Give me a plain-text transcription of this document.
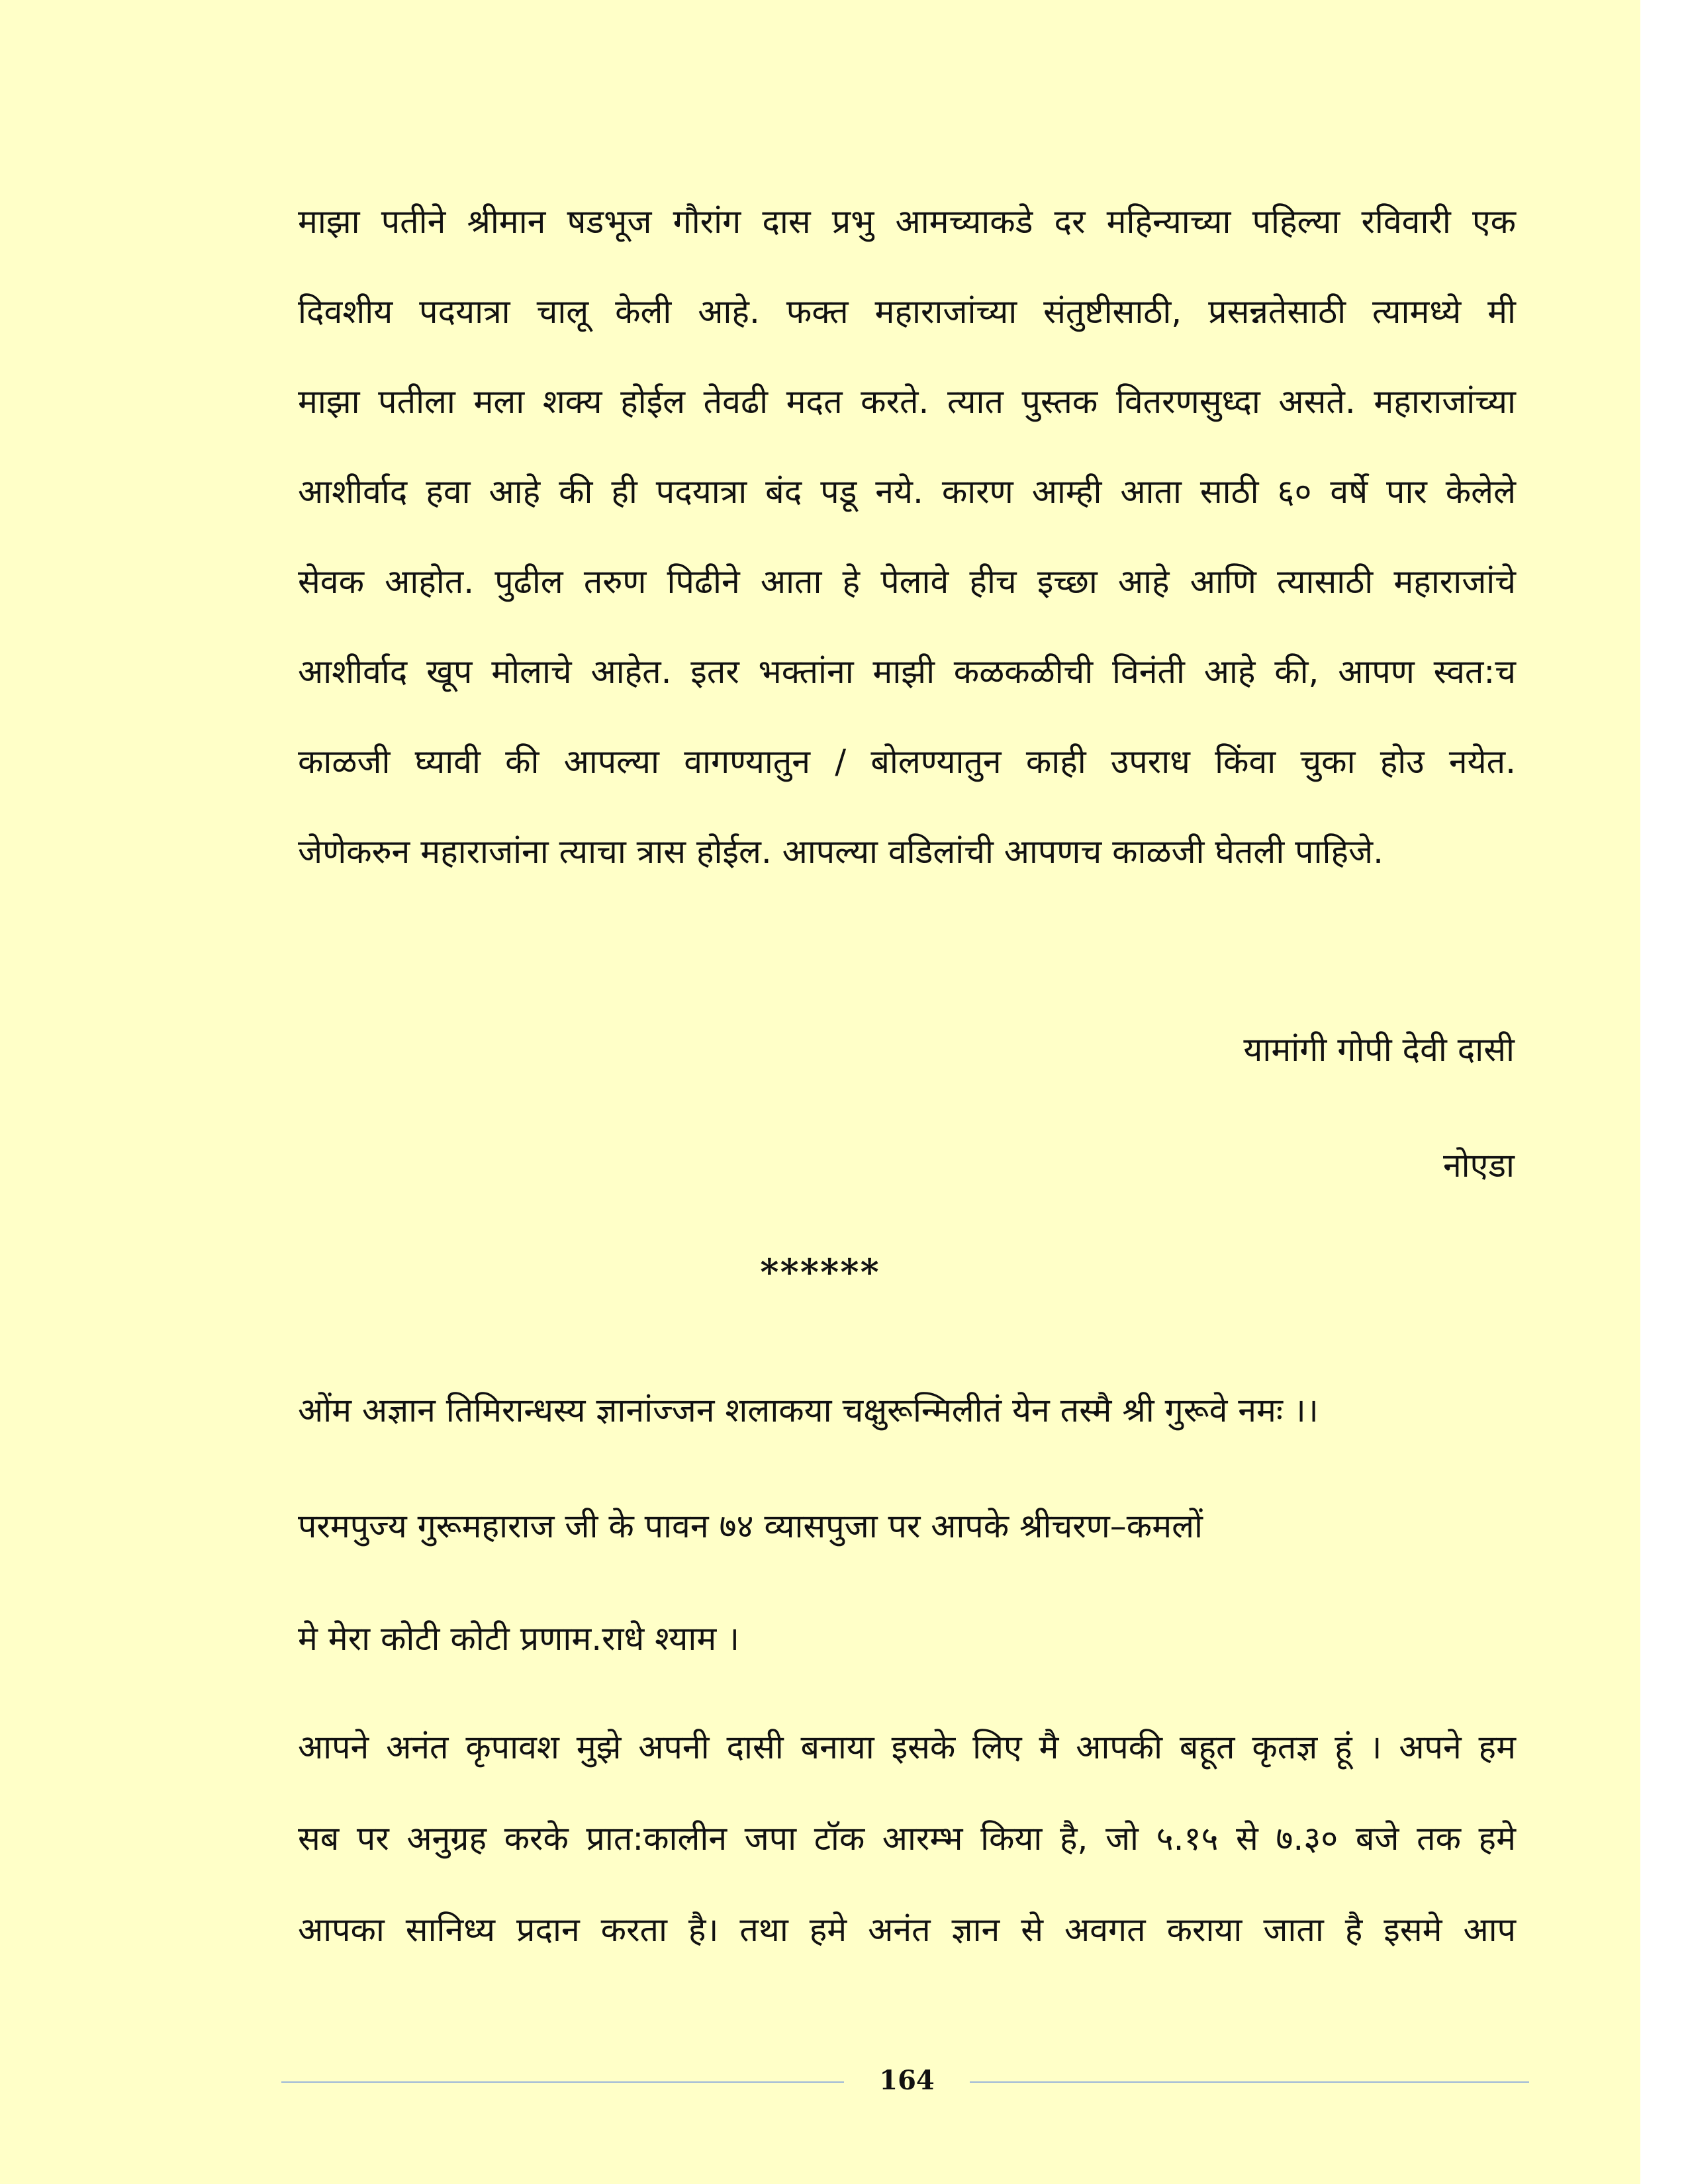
माझा पतीने श्रीमान षडभूज गौरांग दास प्रभु आमच्याकडे दर महिन्याच्या पहिल्या रविवारी एक
दिवशीय पदयात्रा चालू केली आहे. फक्त महाराजांच्या संतुष्टीसाठी, प्रसन्नतेसाठी त्यामध्ये मी
माझा पतीला मला शक्य होईल तेवढी मदत करते. त्यात पुस्तक वितरणसुध्दा असते. महाराजांच्या
आशीर्वाद हवा आहे की ही पदयात्रा बंद पडू नये. कारण आम्ही आता साठी ६० वर्षे पार केलेले
सेवक आहोत. पुढील तरुण पिढीने आता हे पेलावे हीच इच्छा आहे आणि त्यासाठी महाराजांचे
आशीर्वाद खूप मोलाचे आहेत. इतर भक्तांना माझी कळकळीची विनंती आहे की, आपण स्वत:च
काळजी घ्यावी की आपल्या वागण्यातुन / बोलण्यातुन काही उपराध किंवा चुका होउ नयेत.
जेणेकरुन महाराजांना त्याचा त्रास होईल. आपल्या वडिलांची आपणच काळजी घेतली पाहिजे.
यामांगी गोपी देवी दासी
नोएडा
******
ओंम अज्ञान तिमिरान्धस्य ज्ञानांज्जन शलाकया चक्षुरून्मिलीतं येन तस्मै श्री गुरूवे नमः ।।
परमपुज्य गुरूमहाराज जी के पावन ७४ व्यासपुजा पर आपके श्रीचरण–कमलों
मे मेरा कोटी कोटी प्रणाम.राधे श्याम ।
आपने अनंत कृपावश मुझे अपनी दासी बनाया इसके लिए मै आपकी बहूत कृतज्ञ हूं । अपने हम
सब पर अनुग्रह करके प्रात:कालीन जपा टॉक आरम्भ किया है, जो ५.१५ से ७.३० बजे तक हमे
आपका सानिध्य प्रदान करता है। तथा हमे अनंत ज्ञान से अवगत कराया जाता है इसमे आप
164
